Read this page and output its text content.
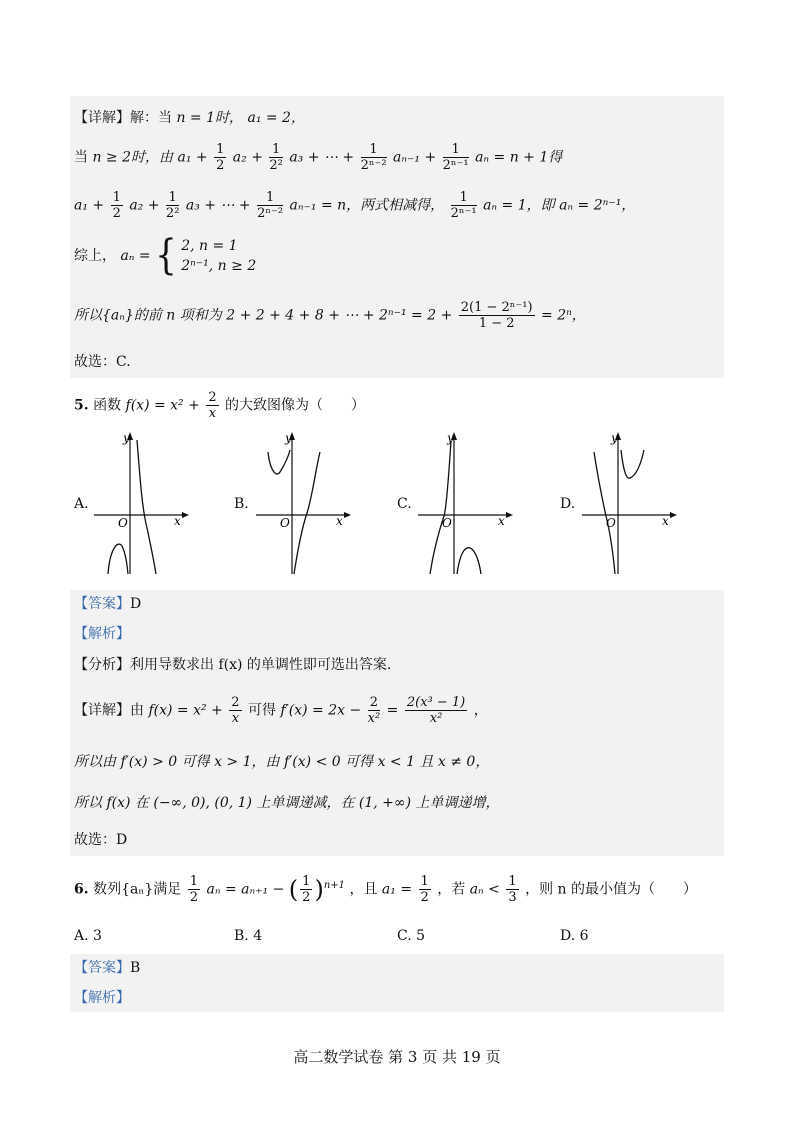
【详解】解：当 n = 1时， a₁ = 2，
当 n ≥ 2时，由 $a_1 + \frac{1}{2} a_2 + \frac{1}{\text{2²}} a_3$ + ⋯ + $\frac{1}{\text{2ⁿ⁻²}} a_{n-1} + \frac{1}{\text{2ⁿ⁻¹}}$ aₙ = n + 1得
$a_1 + \frac{1}{2} a_2 + \frac{1}{\text{2²}} a_3$ + ⋯ + $\frac{1}{\text{2ⁿ⁻²}} a_{n-1} = n$，两式相减得， $\frac{1}{\text{2ⁿ⁻¹}}$ aₙ = 1，即 aₙ = 2ⁿ⁻¹，
综上， aₙ = { 2, n = 1
2ⁿ⁻¹, n ≥ 2
所以{aₙ}的前 n 项和为 2 + 2 + 4 + 8 + ⋯ + $2^{n-1} = 2 + \frac{\text{2(1 − 2ⁿ⁻¹)}}{1 - 2} = 2^n$，
故选：C.
5. 函数 $f(x) = x^2 + \frac{2}{x}$ 的大致图像为（　　）
A.	B.	C.	D.
y
x
O
y
x
O
y
x
O
y
x
O
【答案】D
【解析】
【分析】利用导数求出 f(x) 的单调性即可选出答案.
【详解】由 $f(x) = x^2 + \frac{2}{x}$ 可得 $f'(x) = 2x - \frac{2}{\text{x²}} = \frac{\text{2(x³ − 1)}}{\text{x²}}$ ，
所以由 f′(x) > 0 可得 x > 1，由 f′(x) < 0 可得 x < 1 且 x ≠ 0，
所以 f(x) 在 (−∞, 0), (0, 1) 上单调递减，在 (1, +∞) 上单调递增，
故选：D
6. 数列{aₙ}满足 $\frac{1}{2}$ aₙ = aₙ₊₁ − ( $\frac{1}{2} )^{n+1}$ ，且 $a_1 = \frac{1}{2}$ ，若 $a_n < \frac{1}{3}$ ，则 n 的最小值为（　　）
A. 3	B. 4	C. 5	D. 6
【答案】B
【解析】
高二数学试卷 第 3 页 共 19 页
